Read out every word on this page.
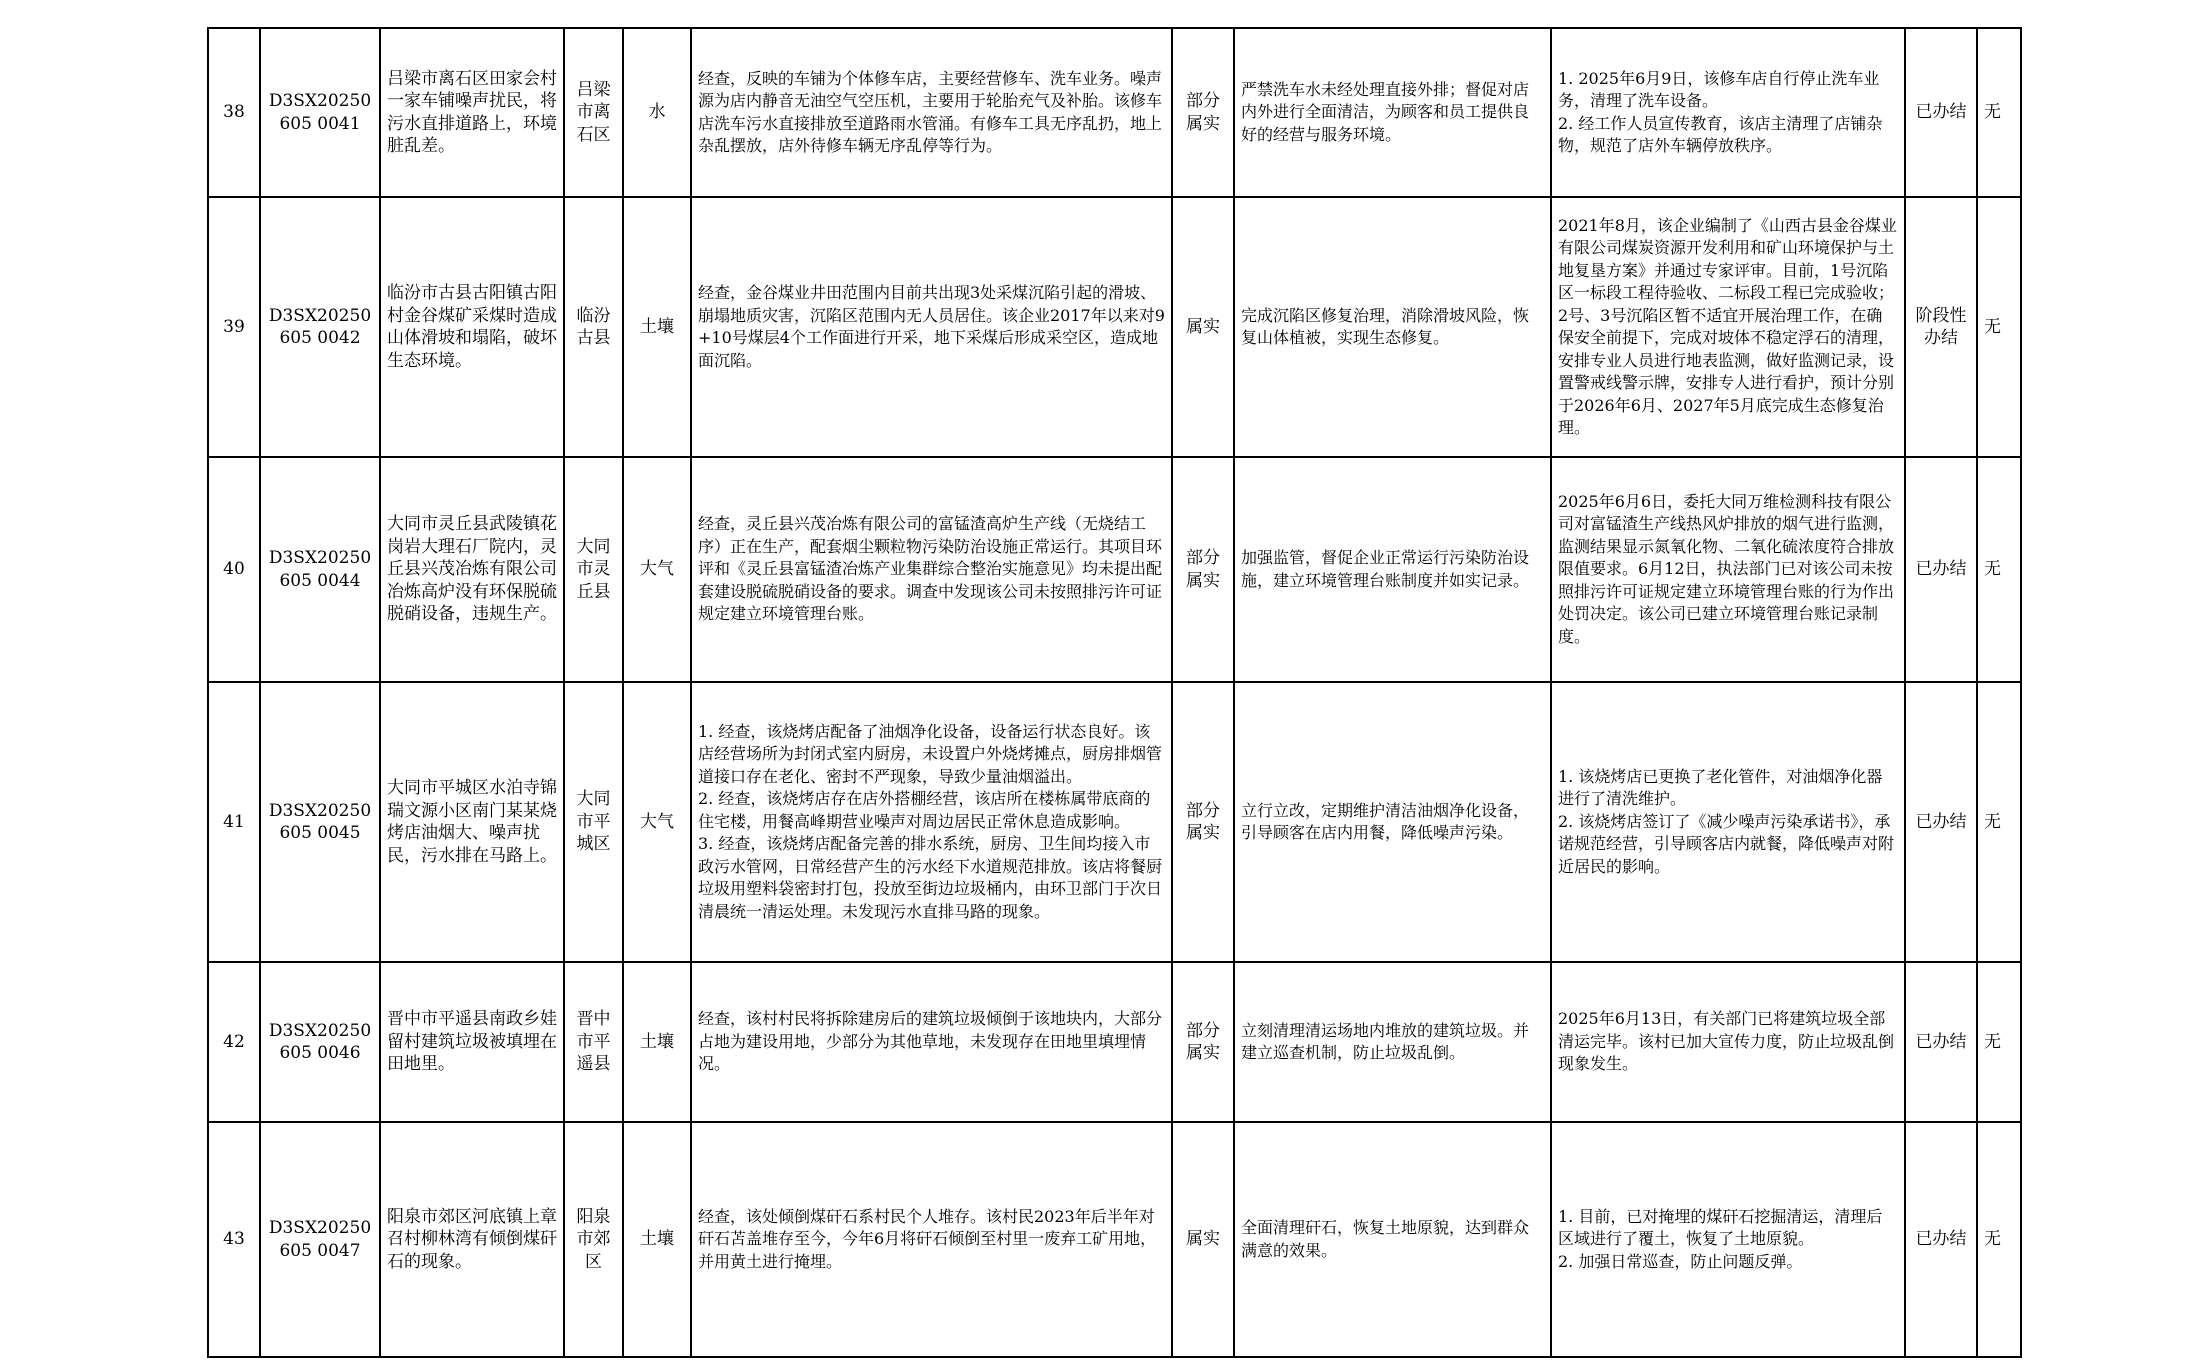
38	D3SX20250605 0041	吕梁市离石区田家会村一家车铺噪声扰民，将污水直排道路上，环境脏乱差。	吕梁市离石区	水	经查，反映的车铺为个体修车店，主要经营修车、洗车业务。噪声源为店内静音无油空气空压机，主要用于轮胎充气及补胎。该修车店洗车污水直接排放至道路雨水管涌。有修车工具无序乱扔，地上杂乱摆放，店外待修车辆无序乱停等行为。	部分属实	严禁洗车水未经处理直接外排；督促对店内外进行全面清洁，为顾客和员工提供良好的经营与服务环境。	1. 2025年6月9日，该修车店自行停止洗车业务，清理了洗车设备。
2. 经工作人员宣传教育，该店主清理了店铺杂物，规范了店外车辆停放秩序。	已办结	无
39	D3SX20250605 0042	临汾市古县古阳镇古阳村金谷煤矿采煤时造成山体滑坡和塌陷，破坏生态环境。	临汾古县	土壤	经查，金谷煤业井田范围内目前共出现3处采煤沉陷引起的滑坡、崩塌地质灾害，沉陷区范围内无人员居住。该企业2017年以来对9+10号煤层4个工作面进行开采，地下采煤后形成采空区，造成地面沉陷。	属实	完成沉陷区修复治理，消除滑坡风险，恢复山体植被，实现生态修复。	2021年8月，该企业编制了《山西古县金谷煤业有限公司煤炭资源开发利用和矿山环境保护与土地复垦方案》并通过专家评审。目前，1号沉陷区一标段工程待验收、二标段工程已完成验收；2号、3号沉陷区暂不适宜开展治理工作，在确保安全前提下，完成对坡体不稳定浮石的清理，安排专业人员进行地表监测，做好监测记录，设置警戒线警示牌，安排专人进行看护，预计分别于2026年6月、2027年5月底完成生态修复治理。	阶段性办结	无
40	D3SX20250605 0044	大同市灵丘县武陵镇花岗岩大理石厂院内，灵丘县兴茂冶炼有限公司冶炼高炉没有环保脱硫脱硝设备，违规生产。	大同市灵丘县	大气	经查，灵丘县兴茂冶炼有限公司的富锰渣高炉生产线（无烧结工序）正在生产，配套烟尘颗粒物污染防治设施正常运行。其项目环评和《灵丘县富锰渣冶炼产业集群综合整治实施意见》均未提出配套建设脱硫脱硝设备的要求。调查中发现该公司未按照排污许可证规定建立环境管理台账。	部分属实	加强监管，督促企业正常运行污染防治设施，建立环境管理台账制度并如实记录。	2025年6月6日，委托大同万维检测科技有限公司对富锰渣生产线热风炉排放的烟气进行监测，监测结果显示氮氧化物、二氧化硫浓度符合排放限值要求。6月12日，执法部门已对该公司未按照排污许可证规定建立环境管理台账的行为作出处罚决定。该公司已建立环境管理台账记录制度。	已办结	无
41	D3SX20250605 0045	大同市平城区水泊寺锦瑞文源小区南门某某烧烤店油烟大、噪声扰民，污水排在马路上。	大同市平城区	大气	1. 经查，该烧烤店配备了油烟净化设备，设备运行状态良好。该店经营场所为封闭式室内厨房，未设置户外烧烤摊点，厨房排烟管道接口存在老化、密封不严现象，导致少量油烟溢出。
2. 经查，该烧烤店存在店外搭棚经营，该店所在楼栋属带底商的住宅楼，用餐高峰期营业噪声对周边居民正常休息造成影响。
3. 经查，该烧烤店配备完善的排水系统，厨房、卫生间均接入市政污水管网，日常经营产生的污水经下水道规范排放。该店将餐厨垃圾用塑料袋密封打包，投放至街边垃圾桶内，由环卫部门于次日清晨统一清运处理。未发现污水直排马路的现象。	部分属实	立行立改，定期维护清洁油烟净化设备，引导顾客在店内用餐，降低噪声污染。	1. 该烧烤店已更换了老化管件，对油烟净化器进行了清洗维护。
2. 该烧烤店签订了《减少噪声污染承诺书》，承诺规范经营，引导顾客店内就餐，降低噪声对附近居民的影响。	已办结	无
42	D3SX20250605 0046	晋中市平遥县南政乡娃留村建筑垃圾被填埋在田地里。	晋中市平遥县	土壤	经查，该村村民将拆除建房后的建筑垃圾倾倒于该地块内，大部分占地为建设用地，少部分为其他草地，未发现存在田地里填埋情况。	部分属实	立刻清理清运场地内堆放的建筑垃圾。并建立巡查机制，防止垃圾乱倒。	2025年6月13日，有关部门已将建筑垃圾全部清运完毕。该村已加大宣传力度，防止垃圾乱倒现象发生。	已办结	无
43	D3SX20250605 0047	阳泉市郊区河底镇上章召村柳林湾有倾倒煤矸石的现象。	阳泉市郊区	土壤	经查，该处倾倒煤矸石系村民个人堆存。该村民2023年后半年对矸石苫盖堆存至今，今年6月将矸石倾倒至村里一废弃工矿用地，并用黄土进行掩埋。	属实	全面清理矸石，恢复土地原貌，达到群众满意的效果。	1. 目前，已对掩埋的煤矸石挖掘清运，清理后区域进行了覆土，恢复了土地原貌。
2. 加强日常巡查，防止问题反弹。	已办结	无
